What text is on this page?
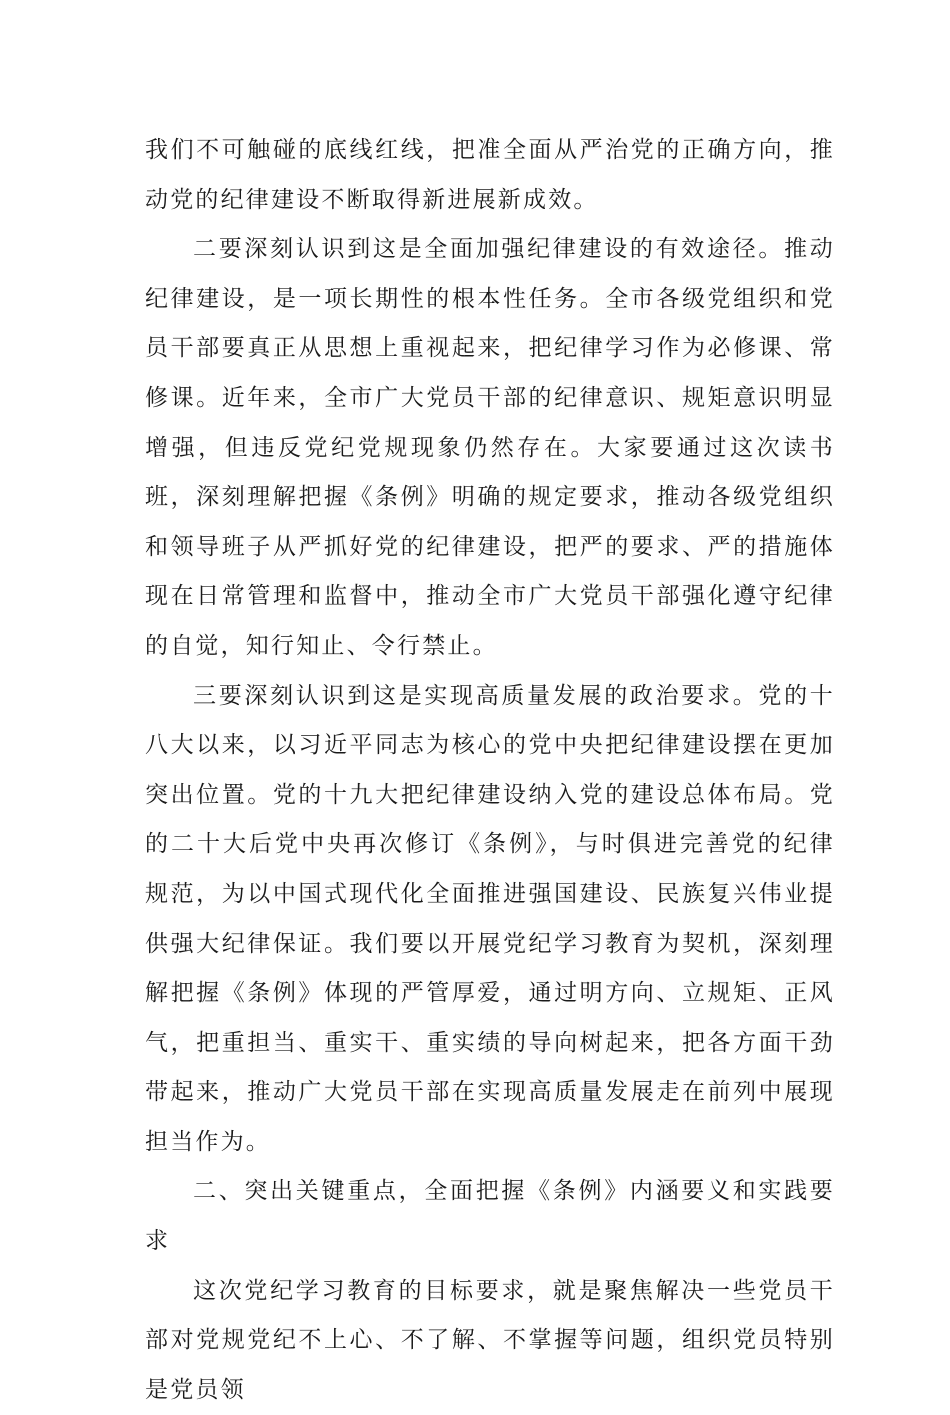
我们不可触碰的底线红线，把准全面从严治党的正确方向，推动党的纪律建设不断取得新进展新成效。

二要深刻认识到这是全面加强纪律建设的有效途径。推动纪律建设，是一项长期性的根本性任务。全市各级党组织和党员干部要真正从思想上重视起来，把纪律学习作为必修课、常修课。近年来，全市广大党员干部的纪律意识、规矩意识明显增强，但违反党纪党规现象仍然存在。大家要通过这次读书班，深刻理解把握《条例》明确的规定要求，推动各级党组织和领导班子从严抓好党的纪律建设，把严的要求、严的措施体现在日常管理和监督中，推动全市广大党员干部强化遵守纪律的自觉，知行知止、令行禁止。

三要深刻认识到这是实现高质量发展的政治要求。党的十八大以来，以习近平同志为核心的党中央把纪律建设摆在更加突出位置。党的十九大把纪律建设纳入党的建设总体布局。党的二十大后党中央再次修订《条例》，与时俱进完善党的纪律规范，为以中国式现代化全面推进强国建设、民族复兴伟业提供强大纪律保证。我们要以开展党纪学习教育为契机，深刻理解把握《条例》体现的严管厚爱，通过明方向、立规矩、正风气，把重担当、重实干、重实绩的导向树起来，把各方面干劲带起来，推动广大党员干部在实现高质量发展走在前列中展现担当作为。

二、突出关键重点，全面把握《条例》内涵要义和实践要求

这次党纪学习教育的目标要求，就是聚焦解决一些党员干部对党规党纪不上心、不了解、不掌握等问题，组织党员特别是党员领
